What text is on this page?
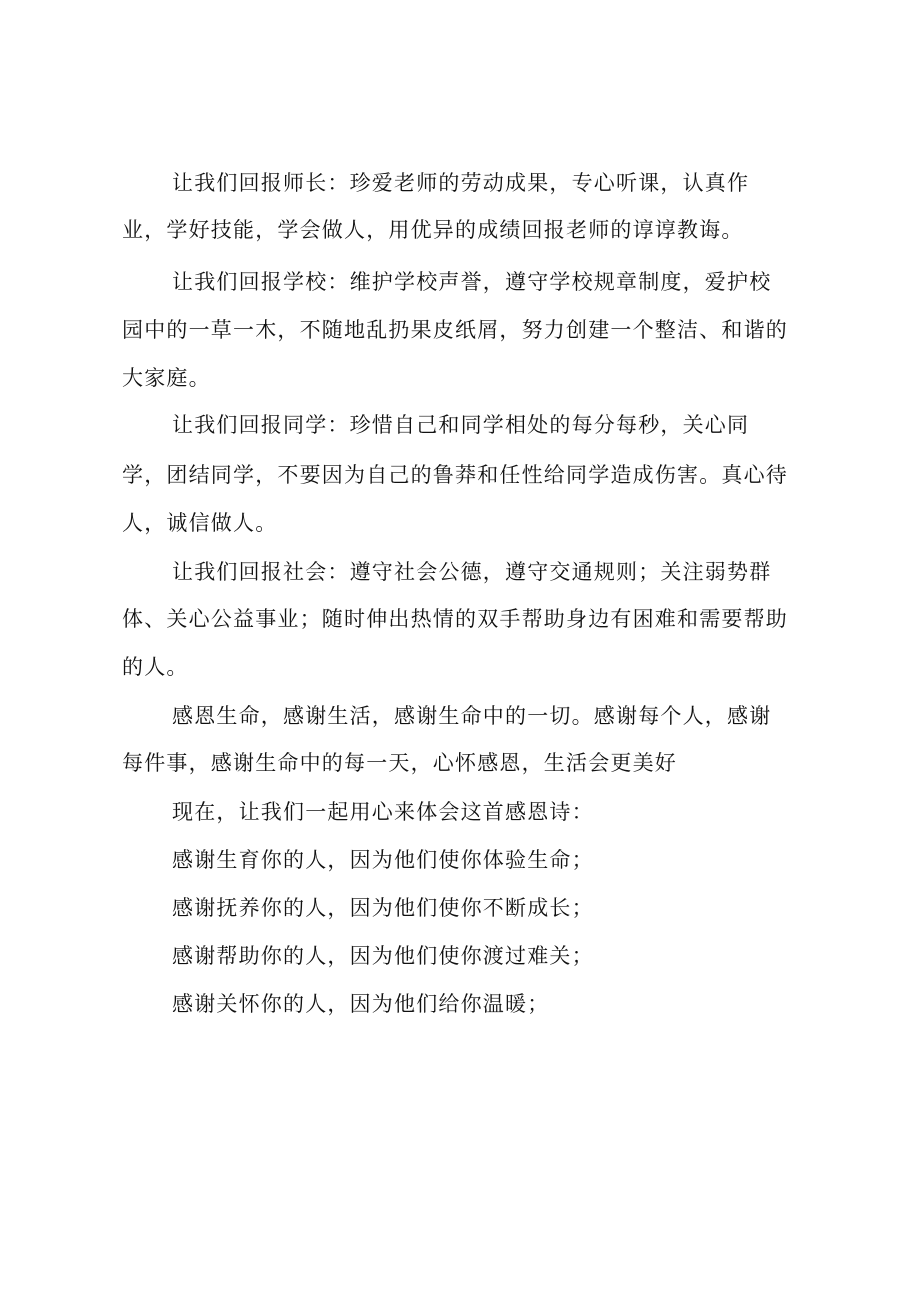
让我们回报师长：珍爱老师的劳动成果，专心听课，认真作
业，学好技能，学会做人，用优异的成绩回报老师的谆谆教诲。
让我们回报学校：维护学校声誉，遵守学校规章制度，爱护校
园中的一草一木，不随地乱扔果皮纸屑，努力创建一个整洁、和谐的
大家庭。
让我们回报同学：珍惜自己和同学相处的每分每秒，关心同
学，团结同学，不要因为自己的鲁莽和任性给同学造成伤害。真心待
人，诚信做人。
让我们回报社会：遵守社会公德，遵守交通规则；关注弱势群
体、关心公益事业；随时伸出热情的双手帮助身边有困难和需要帮助
的人。
感恩生命，感谢生活，感谢生命中的一切。感谢每个人，感谢
每件事，感谢生命中的每一天，心怀感恩，生活会更美好
现在，让我们一起用心来体会这首感恩诗：
感谢生育你的人，因为他们使你体验生命；
感谢抚养你的人，因为他们使你不断成长；
感谢帮助你的人，因为他们使你渡过难关；
感谢关怀你的人，因为他们给你温暖；
